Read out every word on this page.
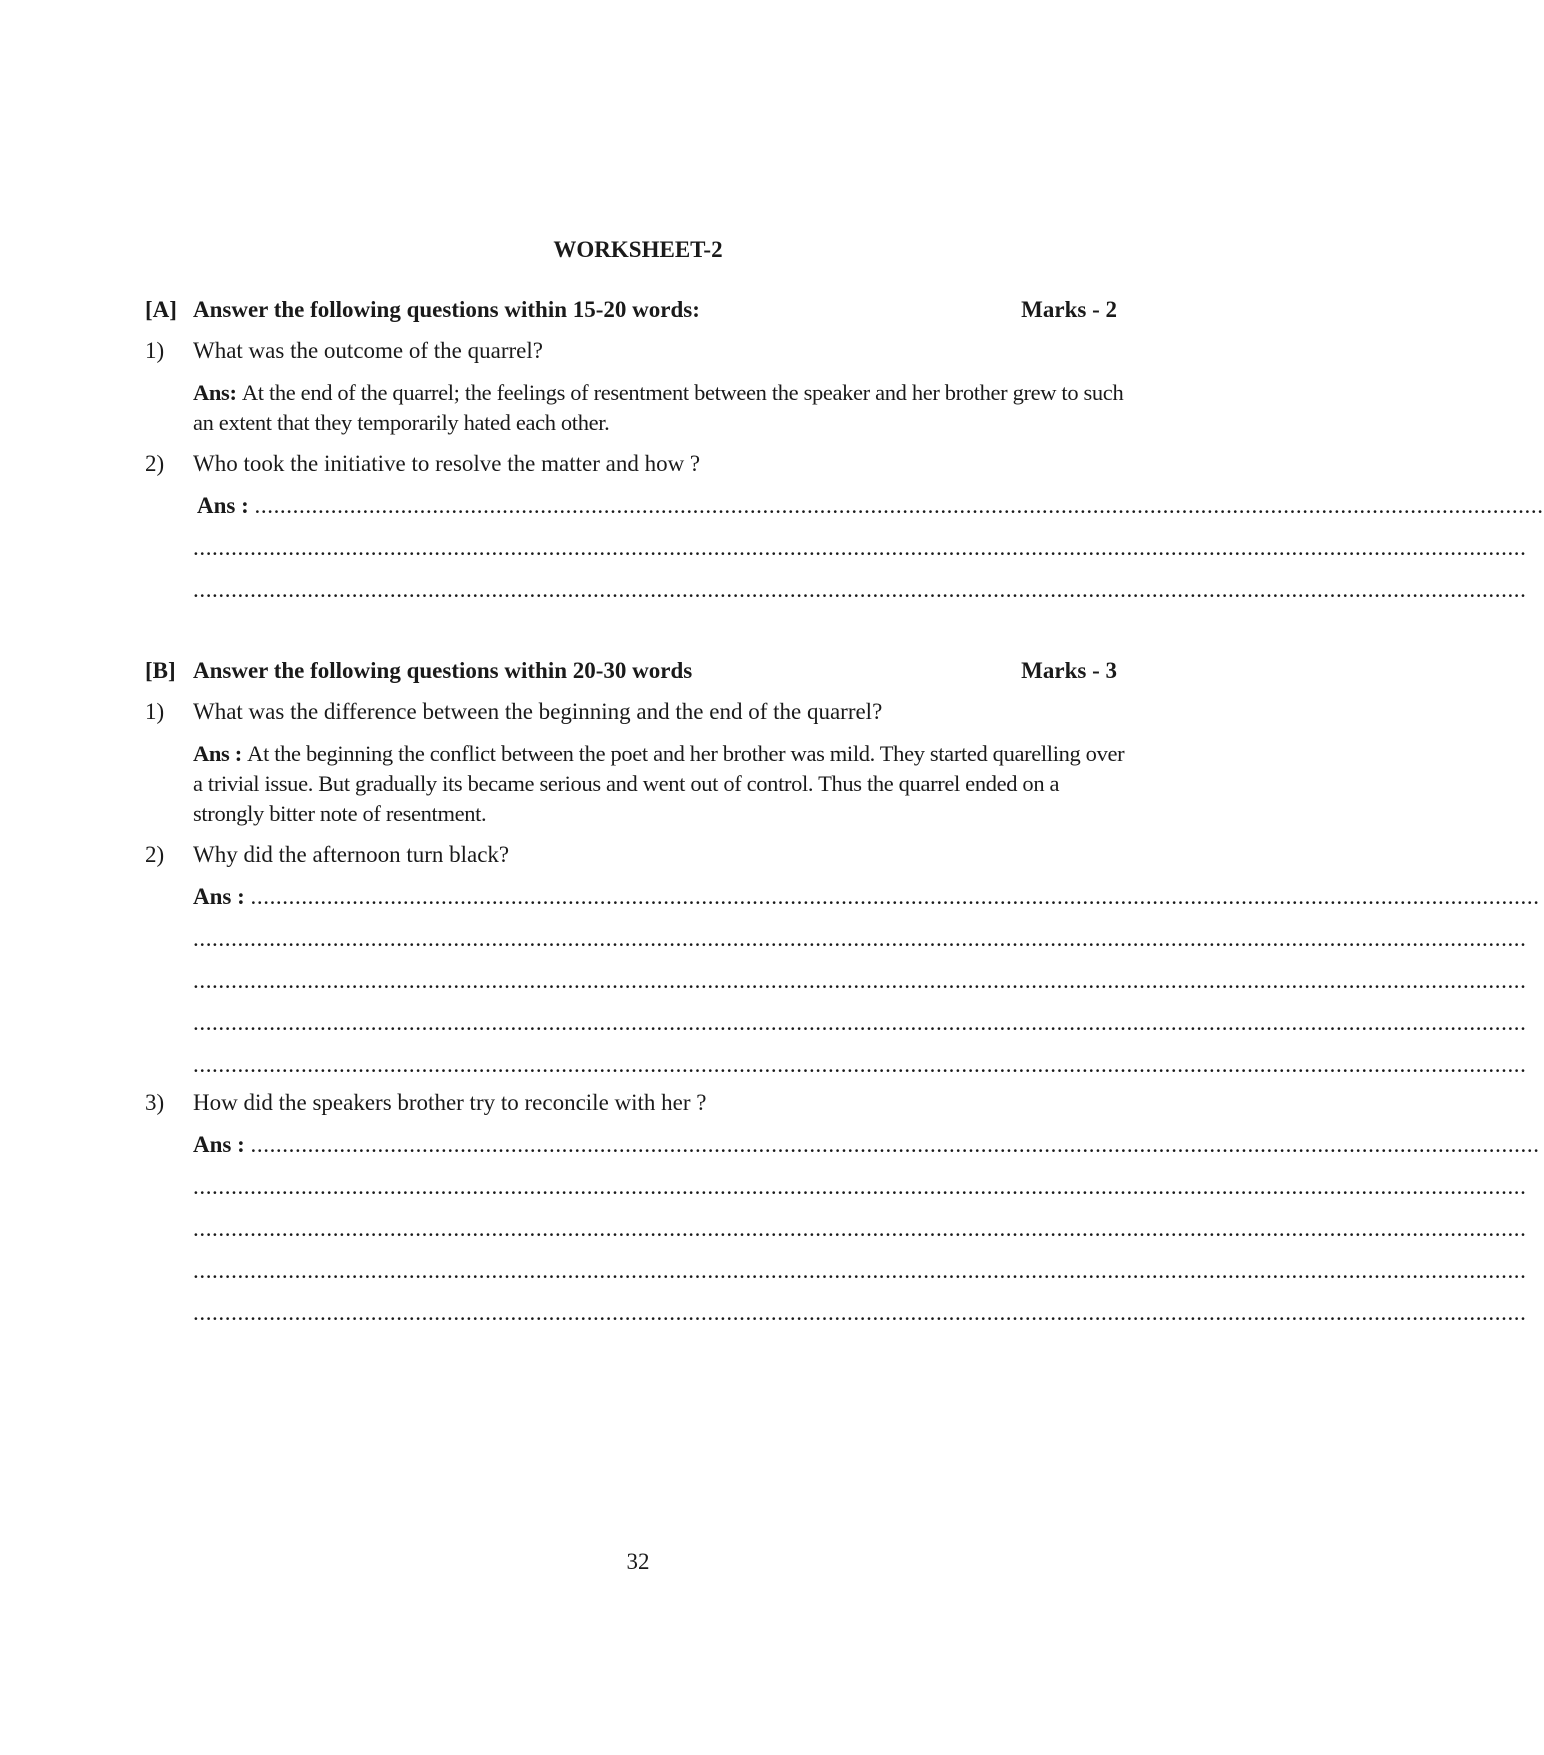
WORKSHEET-2
[A] Answer the following questions within 15-20 words:	Marks - 2
1) What was the outcome of the quarrel?
Ans: At the end of the quarrel; the feelings of resentment between the speaker and her brother grew to such an extent that they temporarily hated each other.
2) Who took the initiative to resolve the matter and how ?
Ans : ...........................................................................................................................................................................................................
..................................................................................................................................................................................................................
..................................................................................................................................................................................................................
[B] Answer the following questions within 20-30 words	Marks - 3
1) What was the difference between the beginning and the end of the quarrel?
Ans : At the beginning the conflict between the poet and her brother was mild. They started quarelling over a trivial issue. But gradually its became serious and went out of control. Thus the quarrel ended on a strongly bitter note of resentment.
2) Why did the afternoon turn black?
Ans : ...........................................................................................................................................................................................................
..................................................................................................................................................................................................................
..................................................................................................................................................................................................................
..................................................................................................................................................................................................................
..................................................................................................................................................................................................................
3) How did the speakers brother try to reconcile with her ?
Ans : ...........................................................................................................................................................................................................
..................................................................................................................................................................................................................
..................................................................................................................................................................................................................
..................................................................................................................................................................................................................
..................................................................................................................................................................................................................
32
